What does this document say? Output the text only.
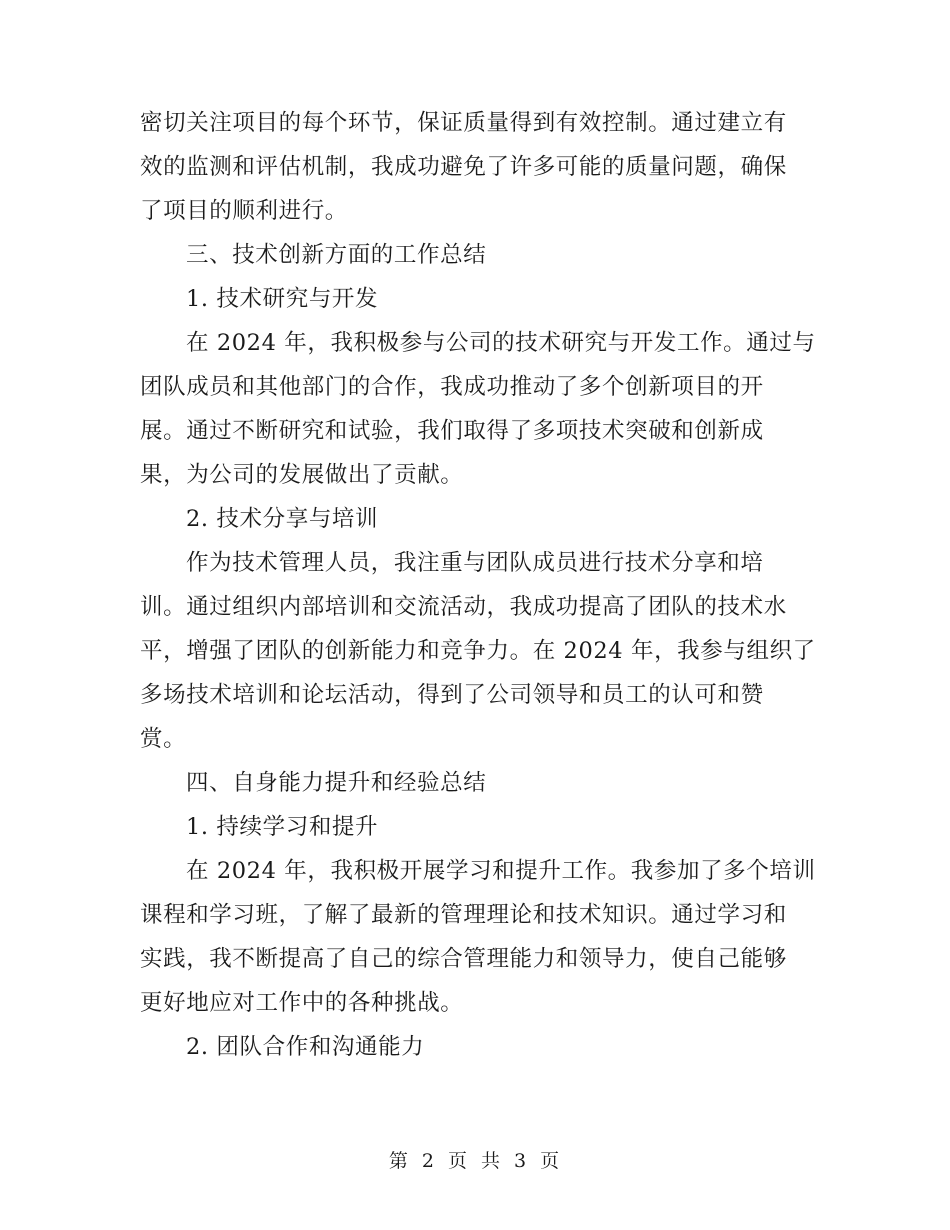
密切关注项目的每个环节，保证质量得到有效控制。通过建立有
效的监测和评估机制，我成功避免了许多可能的质量问题，确保
了项目的顺利进行。
三、技术创新方面的工作总结
1. 技术研究与开发
在 2024 年，我积极参与公司的技术研究与开发工作。通过与
团队成员和其他部门的合作，我成功推动了多个创新项目的开
展。通过不断研究和试验，我们取得了多项技术突破和创新成
果，为公司的发展做出了贡献。
2. 技术分享与培训
作为技术管理人员，我注重与团队成员进行技术分享和培
训。通过组织内部培训和交流活动，我成功提高了团队的技术水
平，增强了团队的创新能力和竞争力。在 2024 年，我参与组织了
多场技术培训和论坛活动，得到了公司领导和员工的认可和赞
赏。
四、自身能力提升和经验总结
1. 持续学习和提升
在 2024 年，我积极开展学习和提升工作。我参加了多个培训
课程和学习班，了解了最新的管理理论和技术知识。通过学习和
实践，我不断提高了自己的综合管理能力和领导力，使自己能够
更好地应对工作中的各种挑战。
2. 团队合作和沟通能力
第 2 页 共 3 页
